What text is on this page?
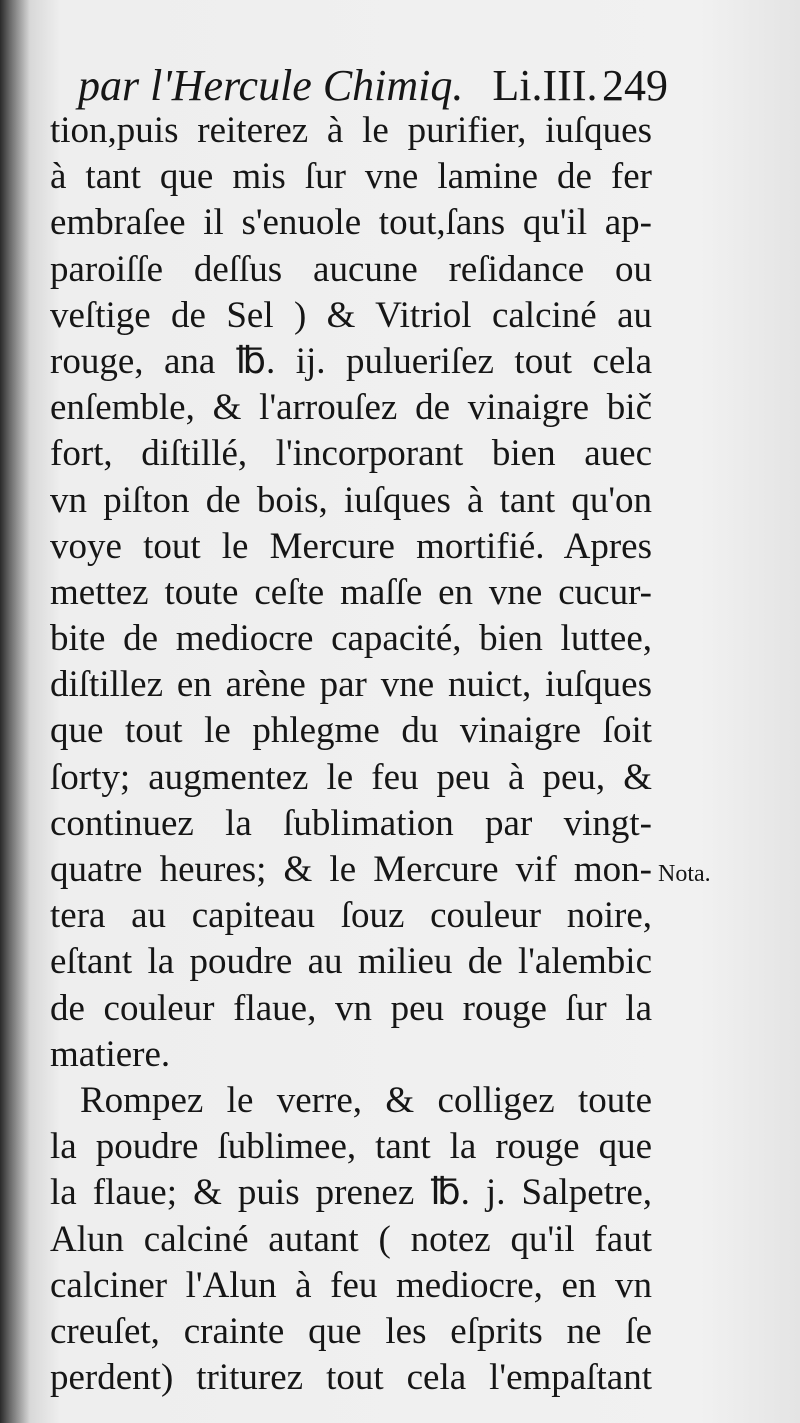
par l'Hercule Chimiq. Li.III. 249
tion,puis reiterez à le purifier, iuſques
à tant que mis ſur vne lamine de fer
embraſee il s'enuole tout,ſans qu'il ap-
paroiſſe deſſus aucune reſidance ou
veſtige de Sel ) & Vitriol calciné au
rouge, ana ℔. ij. pulueriſez tout cela
enſemble, & l'arrouſez de vinaigre bič
fort, diſtillé, l'incorporant bien auec
vn piſton de bois, iuſques à tant qu'on
voye tout le Mercure mortifié. Apres
mettez toute ceſte maſſe en vne cucur-
bite de mediocre capacité, bien luttee,
diſtillez en arène par vne nuict, iuſques
que tout le phlegme du vinaigre ſoit
ſorty; augmentez le feu peu à peu, &
continuez la ſublimation par vingt-
quatre heures; & le Mercure vif mon-
tera au capiteau ſouz couleur noire,
eſtant la poudre au milieu de l'alembic
de couleur flaue, vn peu rouge ſur la
matiere.
Rompez le verre, & colligez toute
la poudre ſublimee, tant la rouge que
la flaue; & puis prenez ℔. j. Salpetre,
Alun calciné autant ( notez qu'il faut
calciner l'Alun à feu mediocre, en vn
creuſet, crainte que les eſprits ne ſe
perdent) triturez tout cela l'empaſtant
Nota.
